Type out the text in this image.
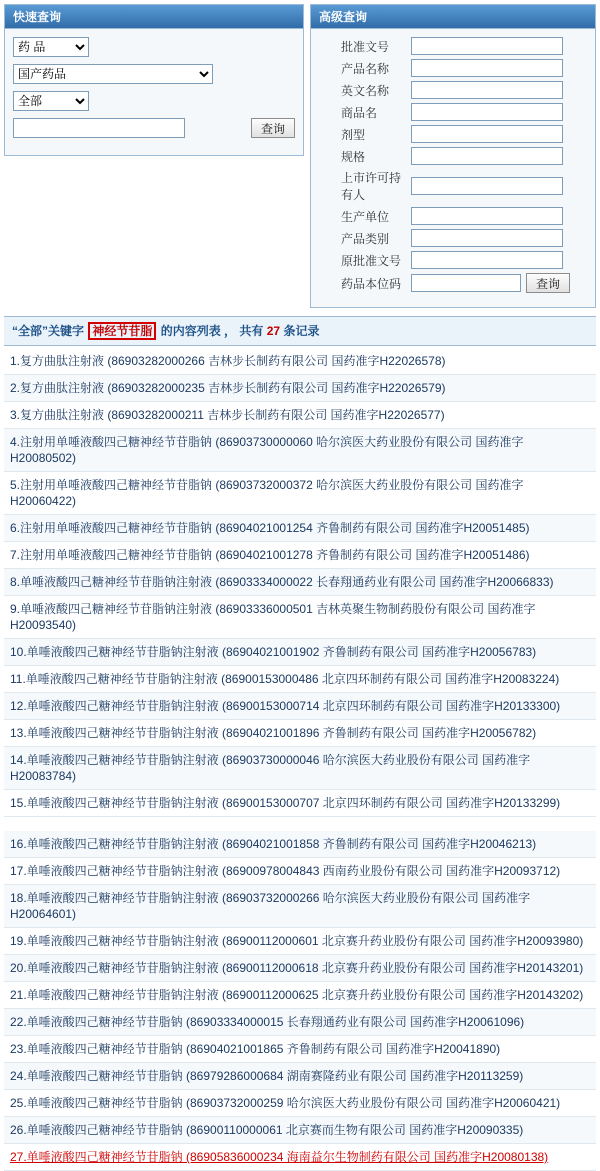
快速查询
药 品
国产药品
全部
查询
高级查询
批准文号
产品名称
英文名称
商品名
剂型
规格
上市许可持有人
生产单位
产品类别
原批准文号
药品本位码	查询
“全部”关键字 神经节苷脂 的内容列表 ， 共有 27 条记录
1.复方曲肽注射液 (86903282000266 吉林步长制药有限公司 国药准字H22026578)
2.复方曲肽注射液 (86903282000235 吉林步长制药有限公司 国药准字H22026579)
3.复方曲肽注射液 (86903282000211 吉林步长制药有限公司 国药准字H22026577)
4.注射用单唾液酸四己糖神经节苷脂钠 (86903730000060 哈尔滨医大药业股份有限公司 国药准字H20080502)
5.注射用单唾液酸四己糖神经节苷脂钠 (86903732000372 哈尔滨医大药业股份有限公司 国药准字H20060422)
6.注射用单唾液酸四己糖神经节苷脂钠 (86904021001254 齐鲁制药有限公司 国药准字H20051485)
7.注射用单唾液酸四己糖神经节苷脂钠 (86904021001278 齐鲁制药有限公司 国药准字H20051486)
8.单唾液酸四己糖神经节苷脂钠注射液 (86903334000022 长春翔通药业有限公司 国药准字H20066833)
9.单唾液酸四己糖神经节苷脂钠注射液 (86903336000501 吉林英聚生物制药股份有限公司 国药准字H20093540)
10.单唾液酸四己糖神经节苷脂钠注射液 (86904021001902 齐鲁制药有限公司 国药准字H20056783)
11.单唾液酸四己糖神经节苷脂钠注射液 (86900153000486 北京四环制药有限公司 国药准字H20083224)
12.单唾液酸四己糖神经节苷脂钠注射液 (86900153000714 北京四环制药有限公司 国药准字H20133300)
13.单唾液酸四己糖神经节苷脂钠注射液 (86904021001896 齐鲁制药有限公司 国药准字H20056782)
14.单唾液酸四己糖神经节苷脂钠注射液 (86903730000046 哈尔滨医大药业股份有限公司 国药准字H20083784)
15.单唾液酸四己糖神经节苷脂钠注射液 (86900153000707 北京四环制药有限公司 国药准字H20133299)
16.单唾液酸四己糖神经节苷脂钠注射液 (86904021001858 齐鲁制药有限公司 国药准字H20046213)
17.单唾液酸四己糖神经节苷脂钠注射液 (86900978004843 西南药业股份有限公司 国药准字H20093712)
18.单唾液酸四己糖神经节苷脂钠注射液 (86903732000266 哈尔滨医大药业股份有限公司 国药准字H20064601)
19.单唾液酸四己糖神经节苷脂钠注射液 (86900112000601 北京赛升药业股份有限公司 国药准字H20093980)
20.单唾液酸四己糖神经节苷脂钠注射液 (86900112000618 北京赛升药业股份有限公司 国药准字H20143201)
21.单唾液酸四己糖神经节苷脂钠注射液 (86900112000625 北京赛升药业股份有限公司 国药准字H20143202)
22.单唾液酸四己糖神经节苷脂钠 (86903334000015 长春翔通药业有限公司 国药准字H20061096)
23.单唾液酸四己糖神经节苷脂钠 (86904021001865 齐鲁制药有限公司 国药准字H20041890)
24.单唾液酸四己糖神经节苷脂钠 (86979286000684 湖南赛隆药业有限公司 国药准字H20113259)
25.单唾液酸四己糖神经节苷脂钠 (86903732000259 哈尔滨医大药业股份有限公司 国药准字H20060421)
26.单唾液酸四己糖神经节苷脂钠 (86900110000061 北京赛而生物有限公司 国药准字H20090335)
27.单唾液酸四己糖神经节苷脂钠 (86905836000234 海南益尔生物制药有限公司 国药准字H20080138)
